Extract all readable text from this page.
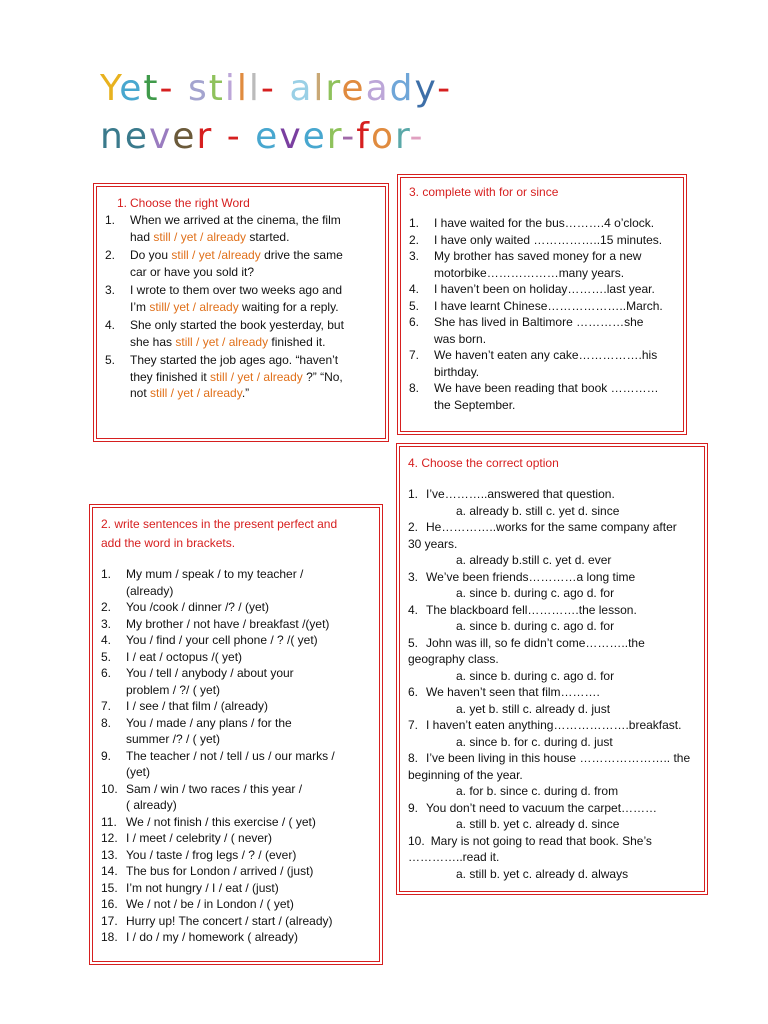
Yet- still- already-
never - ever-for-
1. Choose the right Word
1. When we arrived at the cinema, the film
had still / yet / already started.
2. Do you still / yet /already drive the same
car or have you sold it?
3. I wrote to them over two weeks ago and
I’m still/ yet / already waiting for a reply.
4. She only started the book yesterday, but
she has still / yet / already finished it.
5. They started the job ages ago. “haven’t
they finished it still / yet / already ?” “No,
not still / yet / already.”
3. complete with for or since
1. I have waited for the bus……….4 o’clock.
2. I have only waited ……………..15 minutes.
3. My brother has saved money for a new
motorbike………………many years.
4. I haven’t been on holiday……….last year.
5. I have learnt Chinese………………..March.
6. She has lived in Baltimore …………she
was born.
7. We haven’t eaten any cake…………….his
birthday.
8. We have been reading that book …………
the September.
2. write sentences in the present perfect and
add the word in brackets.
1. My mum / speak / to my teacher /
(already)
2. You /cook / dinner /? / (yet)
3. My brother / not have / breakfast /(yet)
4. You / find / your cell phone / ? /( yet)
5. I / eat / octopus /( yet)
6. You / tell / anybody / about your
problem / ?/ ( yet)
7. I / see / that film / (already)
8. You / made / any plans / for the
summer /? / ( yet)
9. The teacher / not / tell / us / our marks /
(yet)
10. Sam / win / two races / this year /
( already)
11. We / not finish / this exercise / ( yet)
12. I / meet / celebrity / ( never)
13. You / taste / frog legs / ? / (ever)
14. The bus for London / arrived / (just)
15. I’m not hungry / I / eat / (just)
16. We / not / be / in London / ( yet)
17. Hurry up! The concert / start / (already)
18. I / do / my / homework ( already)
4. Choose the correct option
1. I’ve………..answered that question.
a. already b. still c. yet d. since
2. He…………..works for the same company after
30 years.
a. already b.still c. yet d. ever
3. We’ve been friends…………a long time
a. since b. during c. ago d. for
4. The blackboard fell………….the lesson.
a. since b. during c. ago d. for
5. John was ill, so fe didn’t come………..the
geography class.
a. since b. during c. ago d. for
6. We haven’t seen that film……….
a. yet b. still c. already d. just
7. I haven’t eaten anything……………….breakfast.
a. since b. for c. during d. just
8. I’ve been living in this house ………………….. the
beginning of the year.
a. for b. since c. during d. from
9. You don’t need to vacuum the carpet………
a. still b. yet c. already d. since
10. Mary is not going to read that book. She’s
…………..read it.
a. still b. yet c. already d. always
